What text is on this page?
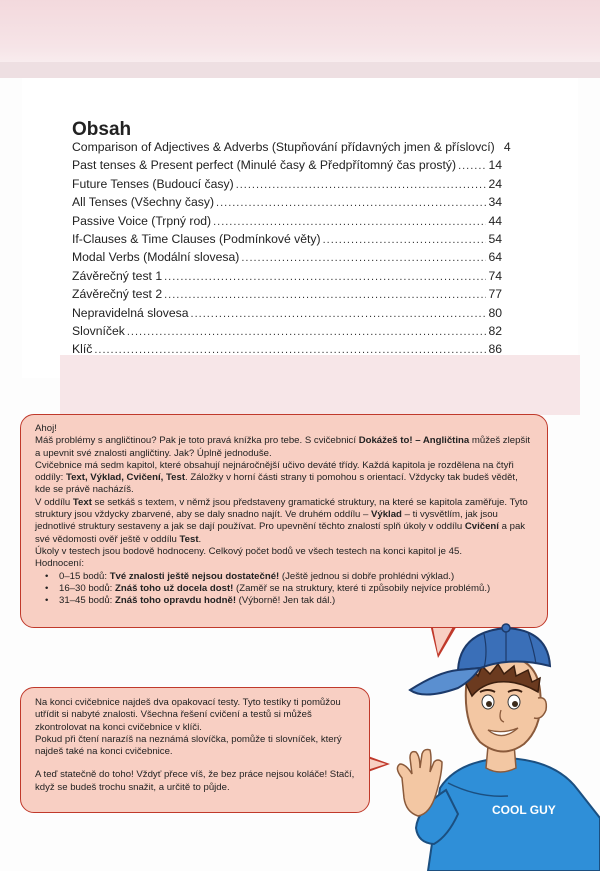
Obsah
Comparison of Adjectives & Adverbs (Stupňování přídavných jmen & příslovcí) 4
Past tenses & Present perfect (Minulé časy & Předpřítomný čas prostý) .....	14
Future Tenses (Budoucí časy) .....	24
All Tenses (Všechny časy) .....	34
Passive Voice (Trpný rod) .....	44
If-Clauses & Time Clauses (Podmínkové věty) .....	54
Modal Verbs (Modální slovesa) .....	64
Závěrečný test 1 .....	74
Závěrečný test 2 .....	77
Nepravidelná slovesa .....	80
Slovníček .....	82
Klíč .....	86

Ahoj!

Máš problémy s angličtinou? Pak je toto pravá knížka pro tebe. S cvičebnicí Dokážeš to! – Angličtina můžeš zlepšit a upevnit své znalosti angličtiny. Jak? Úplně jednoduše.

Cvičebnice má sedm kapitol, které obsahují nejnáročnější učivo deváté třídy. Každá kapitola je rozdělena na čtyři oddíly: Text, Výklad, Cvičení, Test. Záložky v horní části strany ti pomohou s orientací. Vždycky tak budeš vědět, kde se právě nacházíš.

V oddílu Text se setkáš s textem, v němž jsou představeny gramatické struktury, na které se kapitola zaměřuje. Tyto struktury jsou vždycky zbarvené, aby se daly snadno najít. Ve druhém oddílu – Výklad – ti vysvětlím, jak jsou jednotlivé struktury sestaveny a jak se dají používat. Pro upevnění těchto znalostí splň úkoly v oddílu Cvičení a pak své vědomosti ověř ještě v oddílu Test.

Úkoly v testech jsou bodově hodnoceny. Celkový počet bodů ve všech testech na konci kapitol je 45.

Hodnocení:

• 0–15 bodů: Tvé znalosti ještě nejsou dostatečné! (Ještě jednou si dobře prohlédni výklad.)
• 16–30 bodů: Znáš toho už docela dost! (Zaměř se na struktury, které ti způsobily nejvíce problémů.)
• 31–45 bodů: Znáš toho opravdu hodně! (Výborně! Jen tak dál.)

Na konci cvičebnice najdeš dva opakovací testy. Tyto testíky ti pomůžou utřídit si nabyté znalosti. Všechna řešení cvičení a testů si můžeš zkontrolovat na konci cvičebnice v klíči.

Pokud při čtení narazíš na neznámá slovíčka, pomůže ti slovníček, který najdeš také na konci cvičebnice.

A teď statečně do toho! Vždyť přece víš, že bez práce nejsou koláče! Stačí, když se budeš trochu snažit, a určitě to půjde.

COOL GUY
